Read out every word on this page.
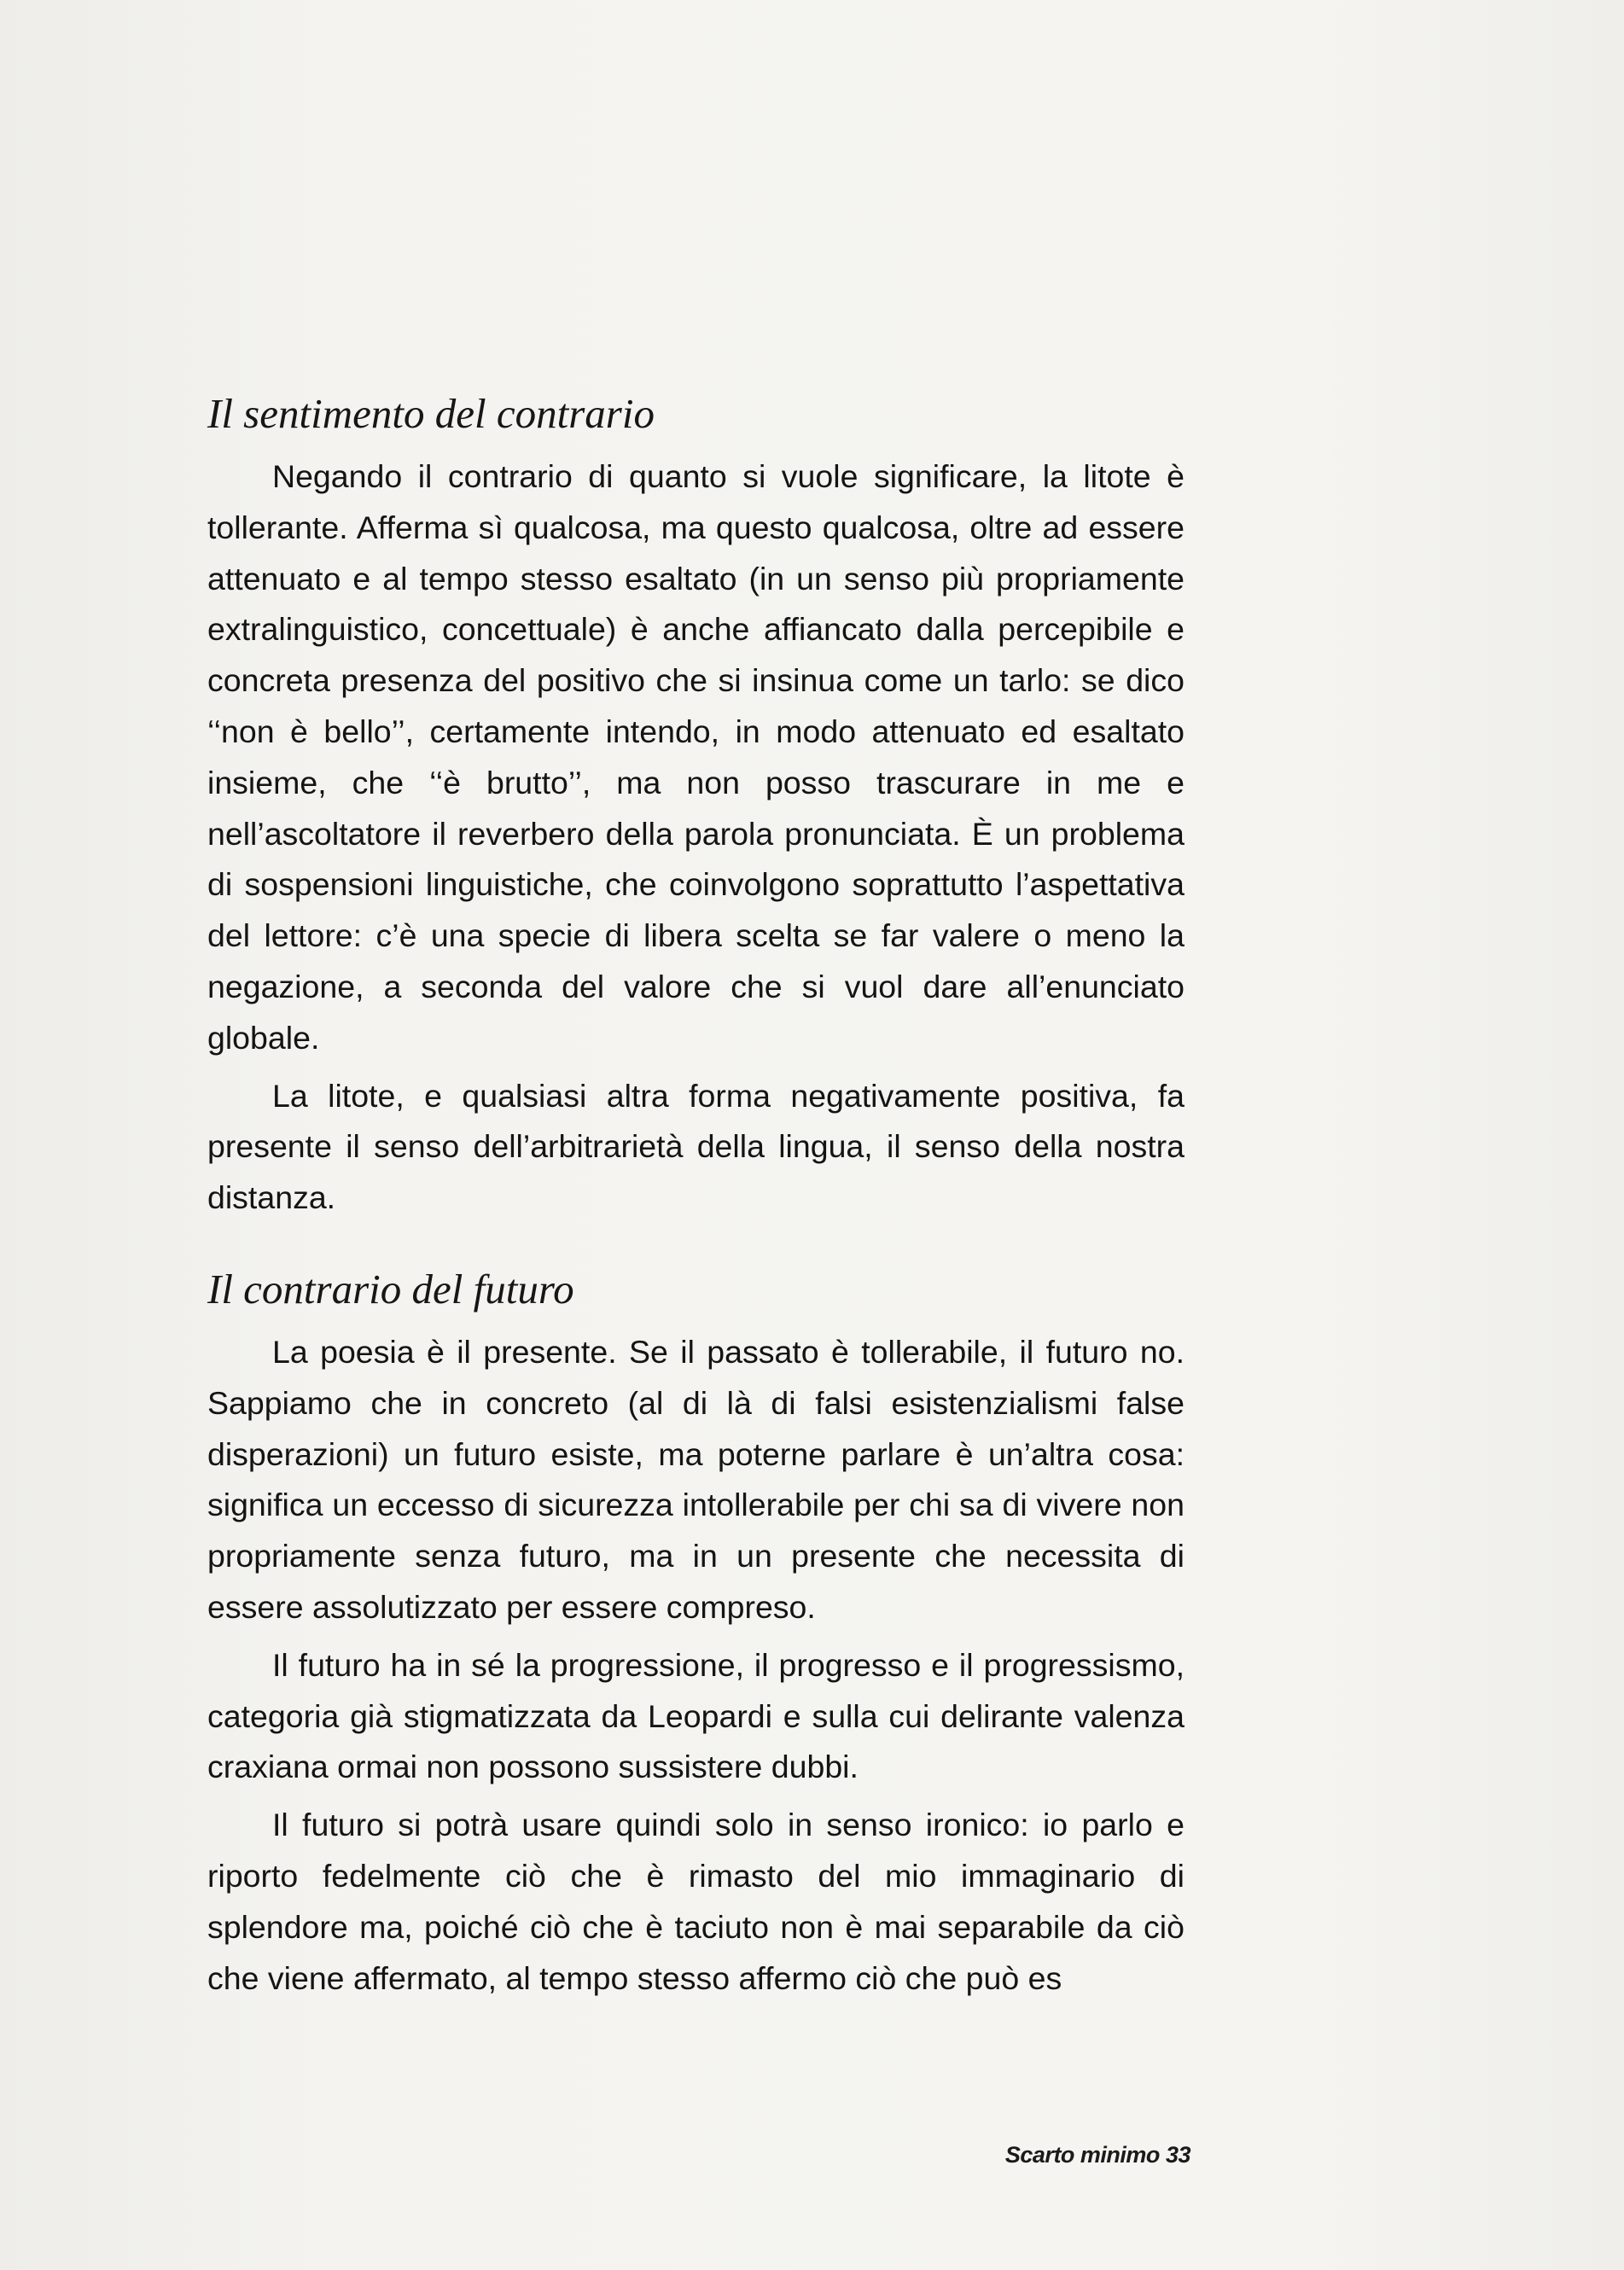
Il sentimento del contrario

Negando il contrario di quanto si vuole significare, la litote è tollerante. Afferma sì qualcosa, ma questo qualcosa, oltre ad essere attenuato e al tempo stesso esaltato (in un senso più propriamente extralinguistico, concettuale) è anche affiancato dalla percepibile e concreta presenza del positivo che si insinua come un tarlo: se dico ‘‘non è bello’’, certamente intendo, in modo attenuato ed esaltato insieme, che ‘‘è brutto’’, ma non posso trascurare in me e nell’ascoltatore il reverbero della parola pronunciata. È un problema di sospensioni linguistiche, che coinvolgono soprattutto l’aspettativa del lettore: c’è una specie di libera scelta se far valere o meno la negazione, a seconda del valore che si vuol dare all’enunciato globale.

La litote, e qualsiasi altra forma negativamente positiva, fa presente il senso dell’arbitrarietà della lingua, il senso della nostra distanza.

Il contrario del futuro

La poesia è il presente. Se il passato è tollerabile, il futuro no. Sappiamo che in concreto (al di là di falsi esistenzialismi false disperazioni) un futuro esiste, ma poterne parlare è un’altra cosa: significa un eccesso di sicurezza intollerabile per chi sa di vivere non propriamente senza futuro, ma in un presente che necessita di essere assolutizzato per essere compreso.

Il futuro ha in sé la progressione, il progresso e il progressismo, categoria già stigmatizzata da Leopardi e sulla cui delirante valenza craxiana ormai non possono sussistere dubbi.

Il futuro si potrà usare quindi solo in senso ironico: io parlo e riporto fedelmente ciò che è rimasto del mio immaginario di splendore ma, poiché ciò che è taciuto non è mai separabile da ciò che viene affermato, al tempo stesso affermo ciò che può es

Scarto minimo 33
